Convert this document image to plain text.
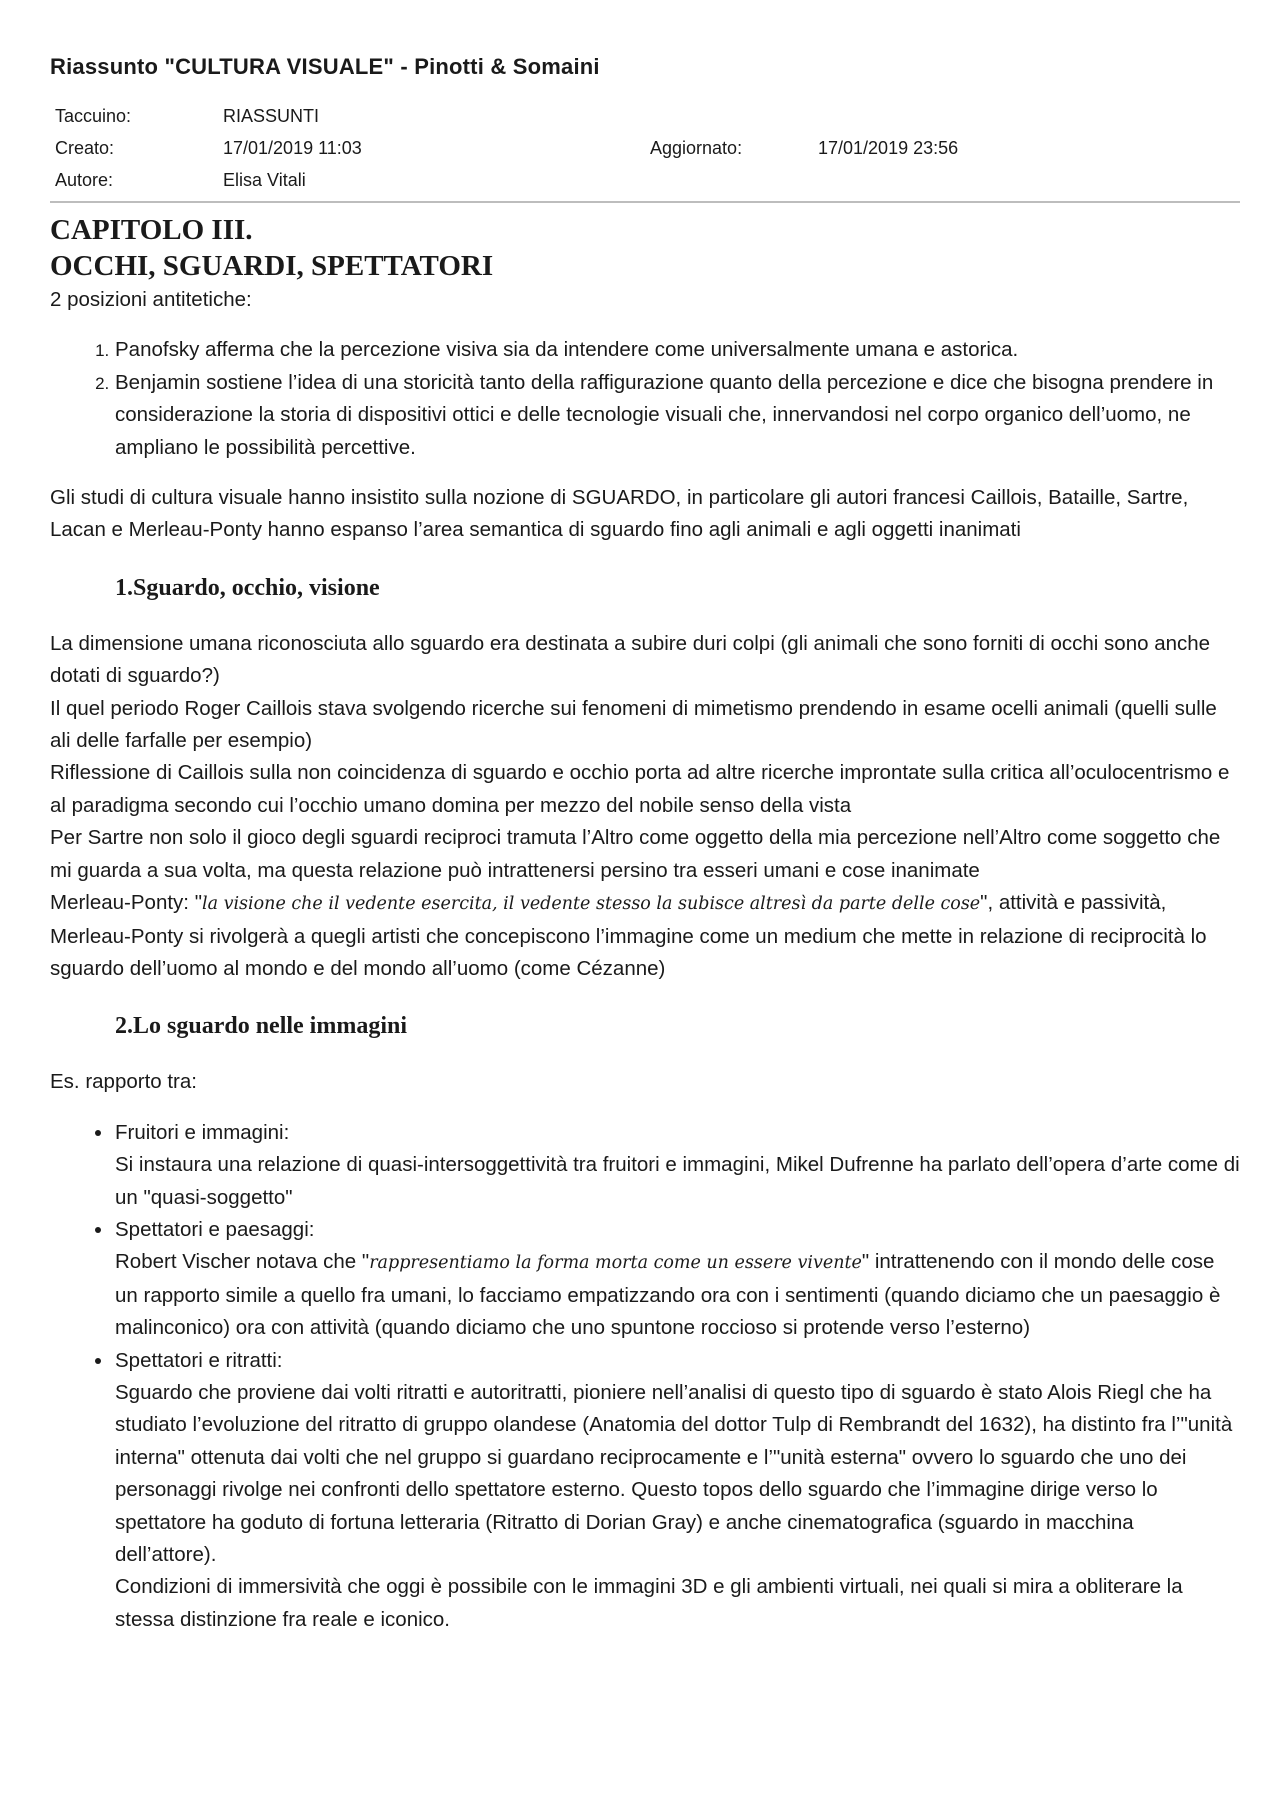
Riassunto "CULTURA VISUALE" - Pinotti & Somaini
Taccuino:	RIASSUNTI
Creato:	17/01/2019 11:03	Aggiornato:	17/01/2019 23:56
Autore:	Elisa Vitali
CAPITOLO III.
OCCHI, SGUARDI, SPETTATORI

2 posizioni antitetiche:

1. Panofsky afferma che la percezione visiva sia da intendere come universalmente umana e astorica.
2. Benjamin sostiene l’idea di una storicità tanto della raffigurazione quanto della percezione e dice che bisogna prendere in considerazione la storia di dispositivi ottici e delle tecnologie visuali che, innervandosi nel corpo organico dell’uomo, ne ampliano le possibilità percettive.

Gli studi di cultura visuale hanno insistito sulla nozione di SGUARDO, in particolare gli autori francesi Caillois, Bataille, Sartre, Lacan e Merleau-Ponty hanno espanso l’area semantica di sguardo fino agli animali e agli oggetti inanimati

1.Sguardo, occhio, visione

La dimensione umana riconosciuta allo sguardo era destinata a subire duri colpi (gli animali che sono forniti di occhi sono anche dotati di sguardo?)

Il quel periodo Roger Caillois stava svolgendo ricerche sui fenomeni di mimetismo prendendo in esame ocelli animali (quelli sulle ali delle farfalle per esempio)

Riflessione di Caillois sulla non coincidenza di sguardo e occhio porta ad altre ricerche improntate sulla critica all’oculocentrismo e al paradigma secondo cui l’occhio umano domina per mezzo del nobile senso della vista

Per Sartre non solo il gioco degli sguardi reciproci tramuta l’Altro come oggetto della mia percezione nell’Altro come soggetto che mi guarda a sua volta, ma questa relazione può intrattenersi persino tra esseri umani e cose inanimate

Merleau-Ponty: "la visione che il vedente esercita, il vedente stesso la subisce altresì da parte delle cose", attività e passività, Merleau-Ponty si rivolgerà a quegli artisti che concepiscono l’immagine come un medium che mette in relazione di reciprocità lo sguardo dell’uomo al mondo e del mondo all’uomo (come Cézanne)

2.Lo sguardo nelle immagini

Es. rapporto tra:

• Fruitori e immagini:
Si instaura una relazione di quasi-intersoggettività tra fruitori e immagini, Mikel Dufrenne ha parlato dell’opera d’arte come di un "quasi-soggetto"
• Spettatori e paesaggi:
Robert Vischer notava che "rappresentiamo la forma morta come un essere vivente" intrattenendo con il mondo delle cose un rapporto simile a quello fra umani, lo facciamo empatizzando ora con i sentimenti (quando diciamo che un paesaggio è malinconico) ora con attività (quando diciamo che uno spuntone roccioso si protende verso l’esterno)
• Spettatori e ritratti:
Sguardo che proviene dai volti ritratti e autoritratti, pioniere nell’analisi di questo tipo di sguardo è stato Alois Riegl che ha studiato l’evoluzione del ritratto di gruppo olandese (Anatomia del dottor Tulp di Rembrandt del 1632), ha distinto fra l’"unità interna" ottenuta dai volti che nel gruppo si guardano reciprocamente e l’"unità esterna" ovvero lo sguardo che uno dei personaggi rivolge nei confronti dello spettatore esterno. Questo topos dello sguardo che l’immagine dirige verso lo spettatore ha goduto di fortuna letteraria (Ritratto di Dorian Gray) e anche cinematografica (sguardo in macchina dell’attore).
Condizioni di immersività che oggi è possibile con le immagini 3D e gli ambienti virtuali, nei quali si mira a obliterare la stessa distinzione fra reale e iconico.
